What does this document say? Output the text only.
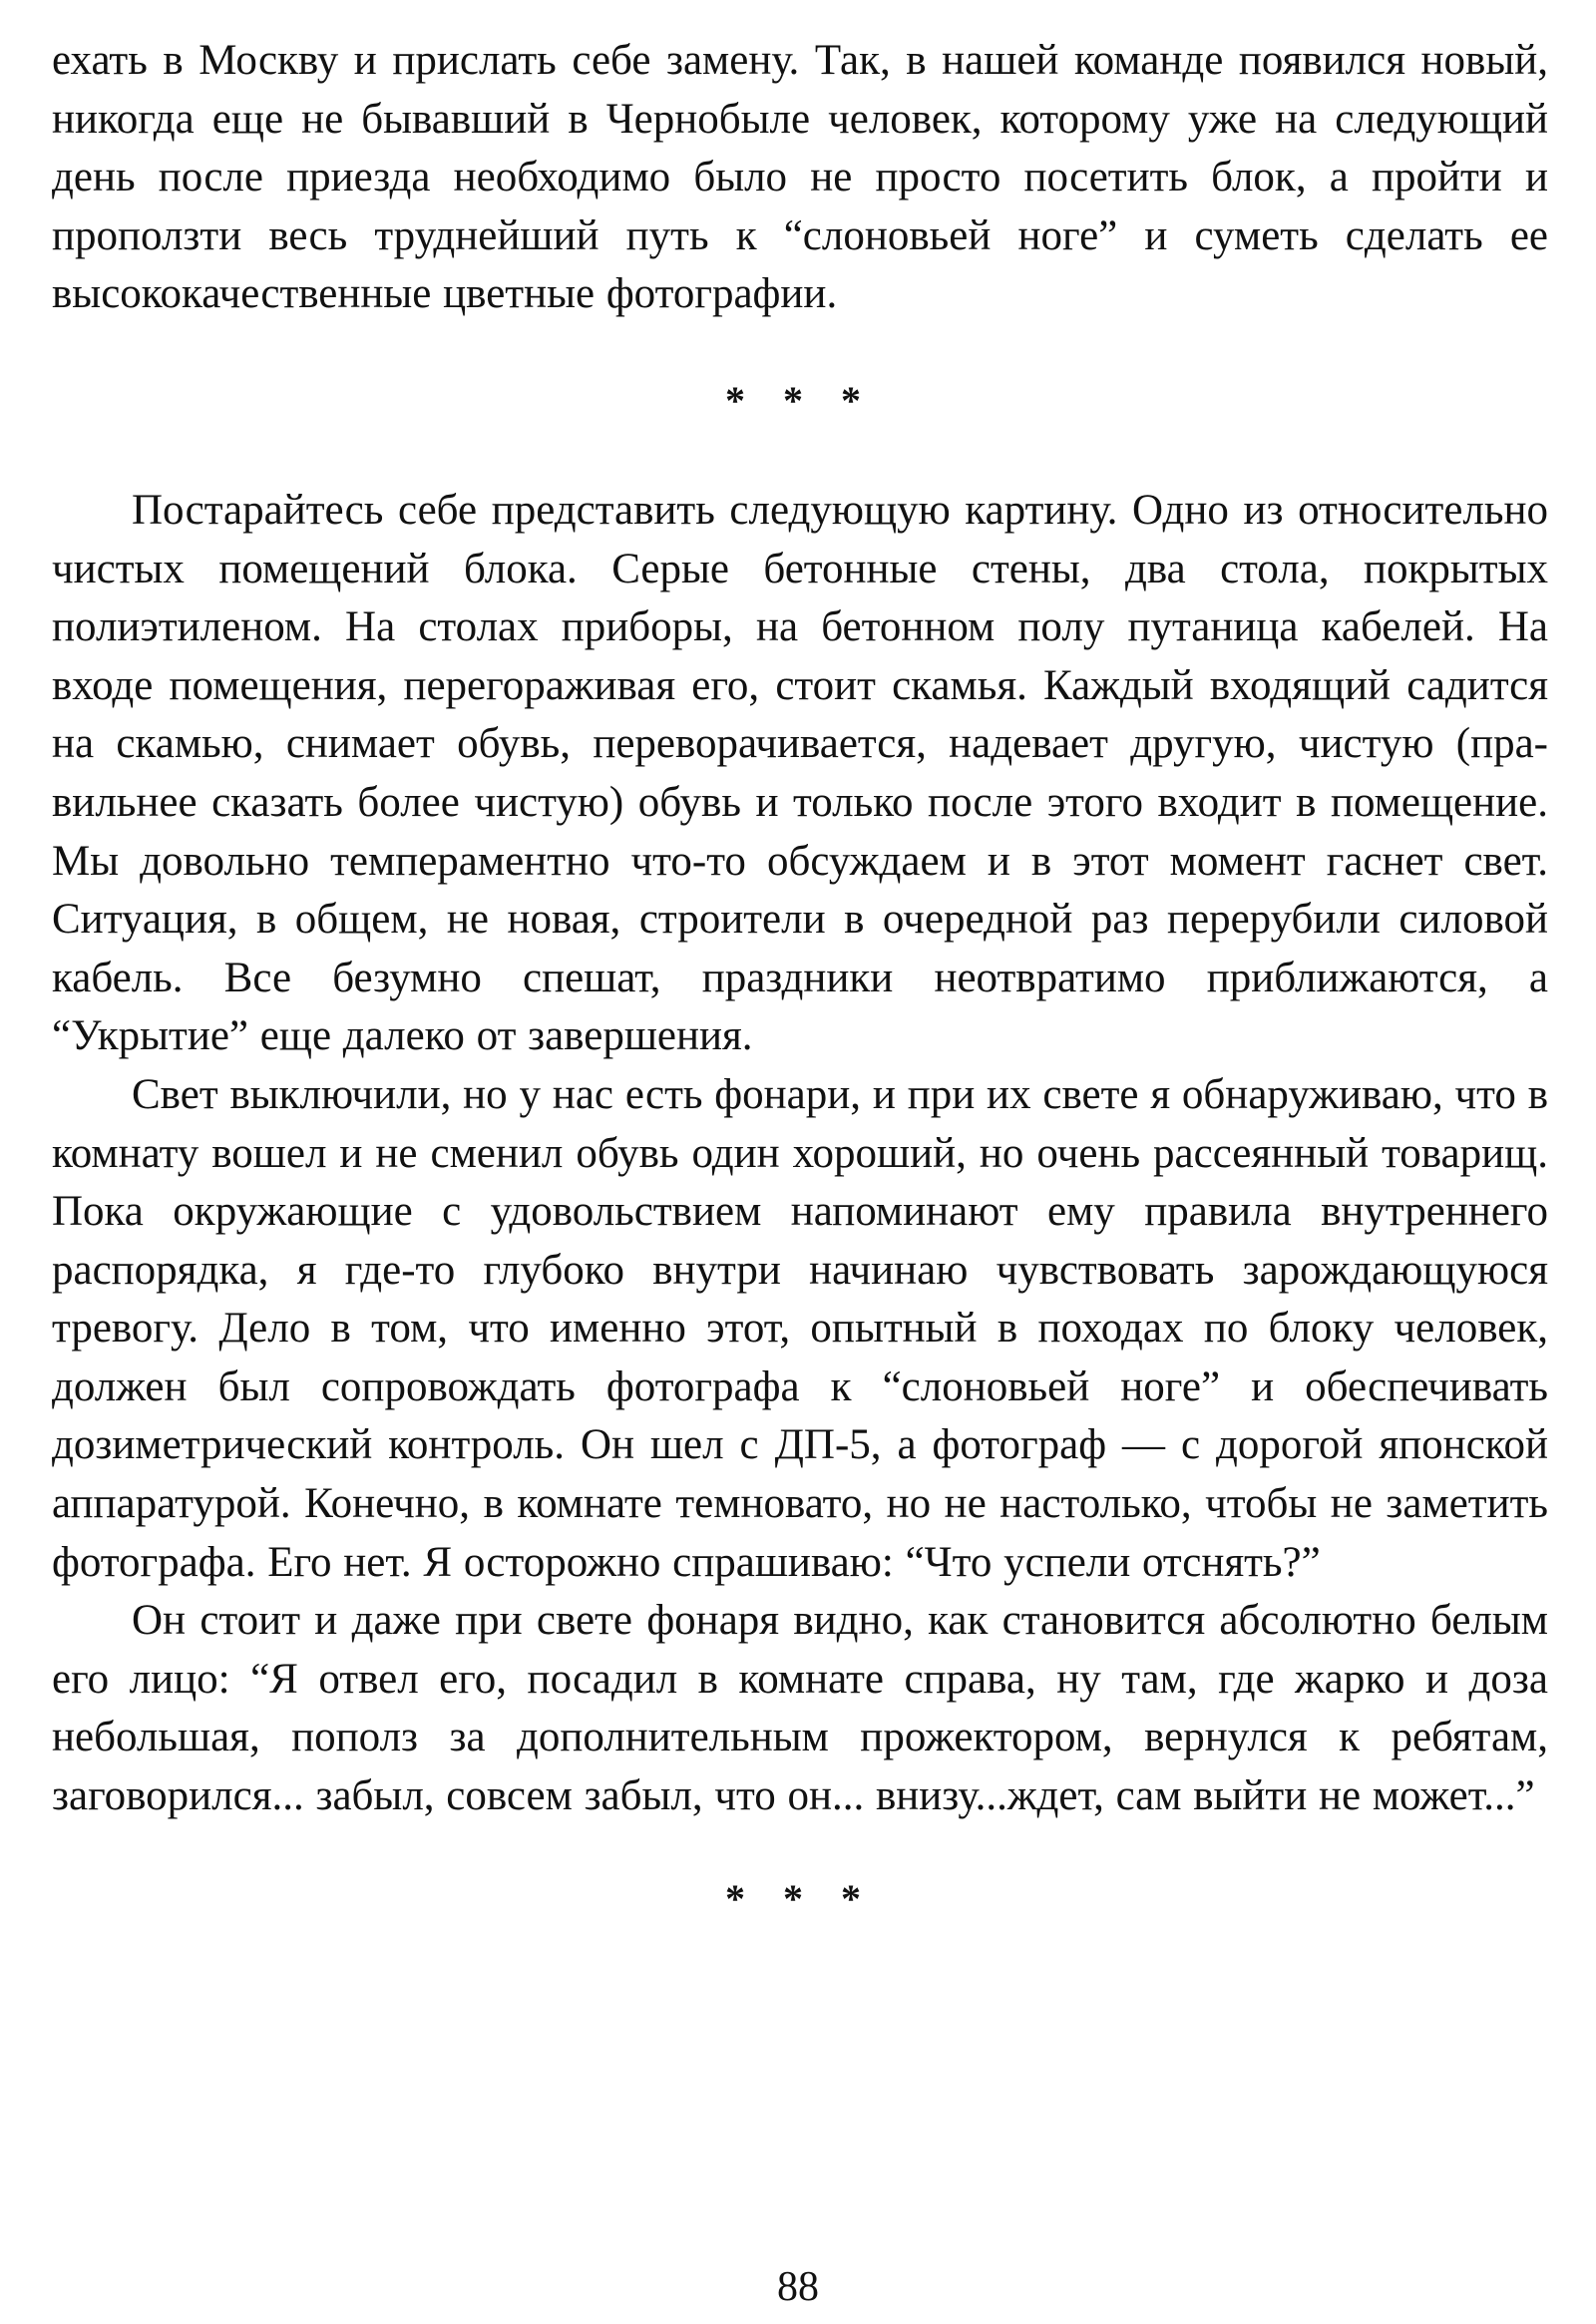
ехать в Москву и прислать себе замену. Так, в нашей команде появился новый, никогда еще не бывавший в Чернобыле человек, которому уже на следующий день после приезда необходимо было не просто посетить блок, а пройти и проползти весь труднейший путь к “слоновьей ноге” и суметь сделать ее высококачественные цветные фотографии.

* * *

Постарайтесь себе представить следующую картину. Одно из относительно чистых помещений блока. Серые бетонные стены, два стола, покрытых полиэтиленом. На столах приборы, на бетонном полу путаница кабелей. На входе помещения, перегораживая его, стоит скамья. Каждый входящий садится на скамью, снимает обувь, переворачивается, надевает другую, чистую (правильнее сказать более чистую) обувь и только после этого входит в помещение. Мы довольно темпераментно что-то обсуждаем и в этот момент гаснет свет. Ситуация, в общем, не новая, строители в очередной раз перерубили силовой кабель. Все безумно спешат, праздники неотвратимо приближаются, а “Укрытие” еще далеко от завершения.

Свет выключили, но у нас есть фонари, и при их свете я обнаруживаю, что в комнату вошел и не сменил обувь один хороший, но очень рассеянный товарищ. Пока окружающие с удовольствием напоминают ему правила внутреннего распорядка, я где-то глубоко внутри начинаю чувствовать зарождающуюся тревогу. Дело в том, что именно этот, опытный в походах по блоку человек, должен был сопровождать фотографа к “слоновьей ноге” и обеспечивать дозиметрический контроль. Он шел с ДП-5, а фотограф — с дорогой японской аппаратурой. Конечно, в комнате темновато, но не настолько, чтобы не заметить фотографа. Его нет. Я осторожно спрашиваю: “Что успели отснять?”

Он стоит и даже при свете фонаря видно, как становится абсолютно белым его лицо: “Я отвел его, посадил в комнате справа, ну там, где жарко и доза небольшая, пополз за дополнительным прожектором, вернулся к ребятам, заговорился... забыл, совсем забыл, что он... внизу...ждет, сам выйти не может...”

* * *

88
